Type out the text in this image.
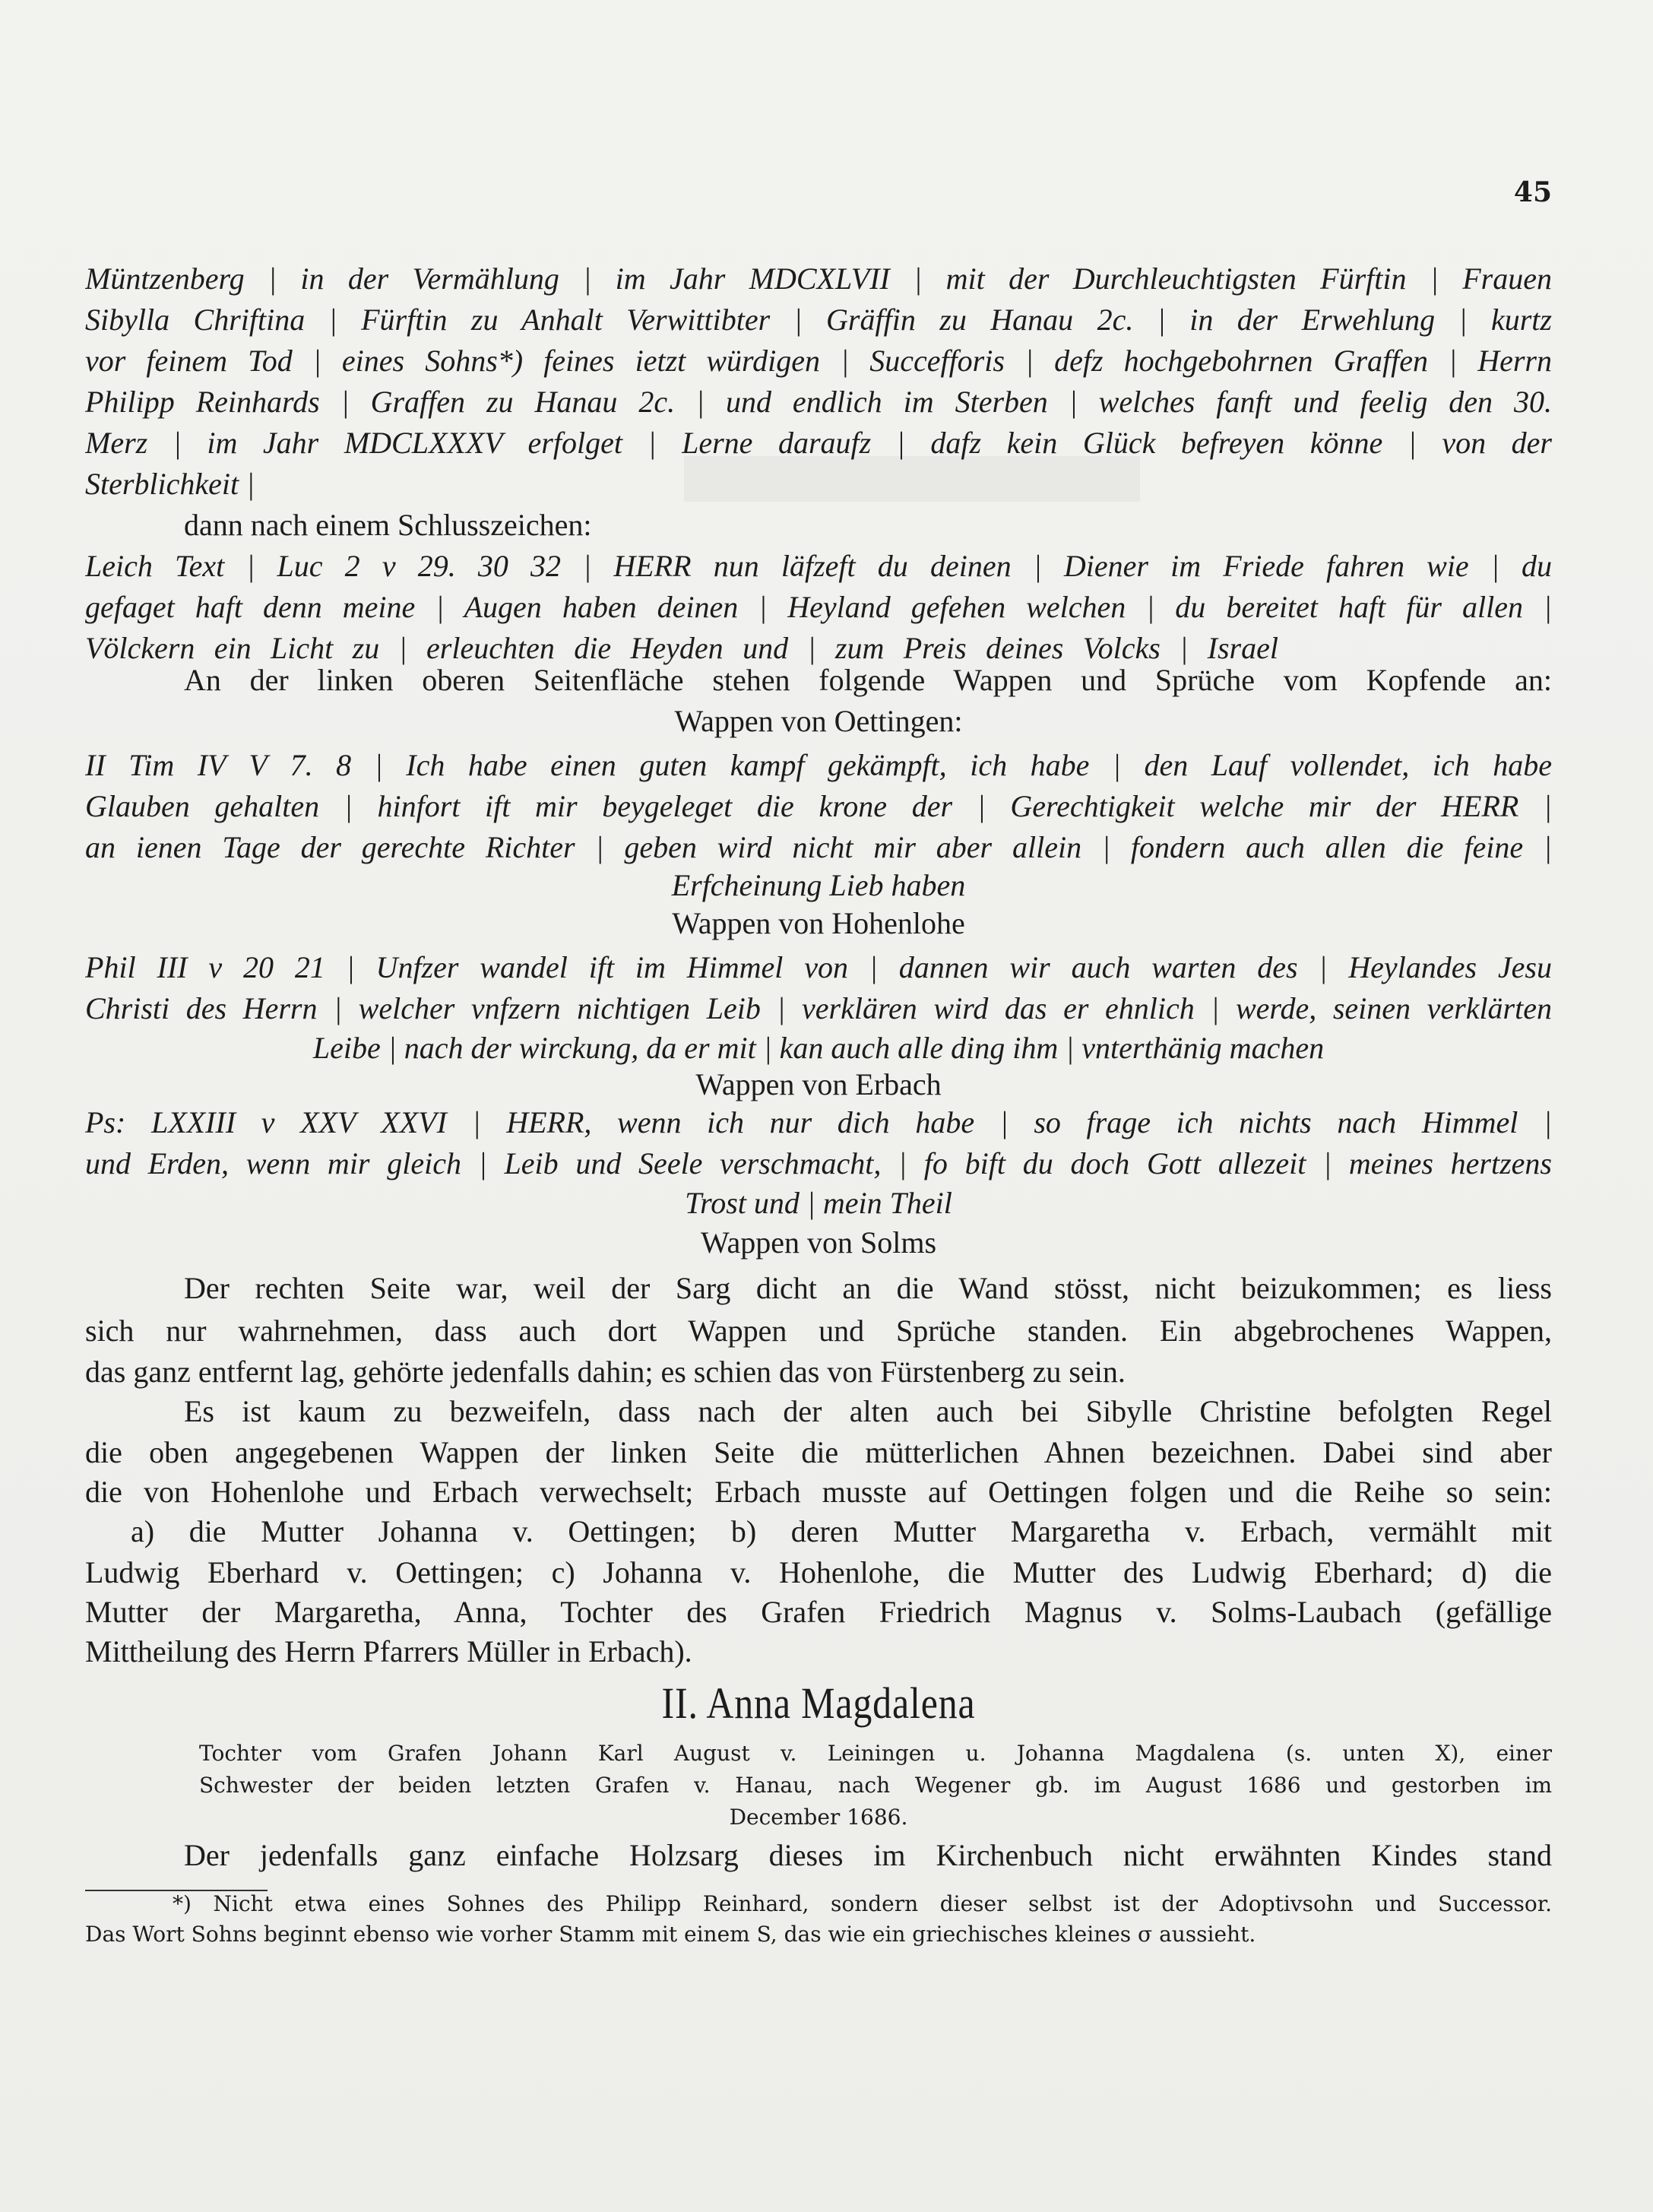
45
Müntzenberg | in der Vermählung | im Jahr MDCXLVII | mit der Durchleuchtigsten Fürftin | Frauen
Sibylla Chriftina | Fürftin zu Anhalt Verwittibter | Gräffin zu Hanau 2c. | in der Erwehlung | kurtz
vor feinem Tod | eines Sohns*) feines ietzt würdigen | Succefforis | defz hochgebohrnen Graffen | Herrn
Philipp Reinhards | Graffen zu Hanau 2c. | und endlich im Sterben | welches fanft und feelig den 30.
Merz | im Jahr MDCLXXXV erfolget | Lerne daraufz | dafz kein Glück befreyen könne | von der
Sterblichkeit |
dann nach einem Schlusszeichen:
Leich Text | Luc 2 v 29. 30 32 | HERR nun läfzeft du deinen | Diener im Friede fahren wie | du
gefaget haft denn meine | Augen haben deinen | Heyland gefehen welchen | du bereitet haft für allen |
Völckern ein Licht zu | erleuchten die Heyden und | zum Preis deines Volcks | Israel
An der linken oberen Seitenfläche stehen folgende Wappen und Sprüche vom Kopfende an:
Wappen von Oettingen:
II Tim IV V 7. 8 | Ich habe einen guten kampf gekämpft, ich habe | den Lauf vollendet, ich habe
Glauben gehalten | hinfort ift mir beygeleget die krone der | Gerechtigkeit welche mir der HERR |
an ienen Tage der gerechte Richter | geben wird nicht mir aber allein | fondern auch allen die feine |
Erfcheinung Lieb haben
Wappen von Hohenlohe
Phil III v 20 21 | Unfzer wandel ift im Himmel von | dannen wir auch warten des | Heylandes Jesu
Christi des Herrn | welcher vnfzern nichtigen Leib | verklären wird das er ehnlich | werde, seinen verklärten
Leibe | nach der wirckung, da er mit | kan auch alle ding ihm | vnterthänig machen
Wappen von Erbach
Ps: LXXIII v XXV XXVI | HERR, wenn ich nur dich habe | so frage ich nichts nach Himmel |
und Erden, wenn mir gleich | Leib und Seele verschmacht, | fo bift du doch Gott allezeit | meines hertzens
Trost und | mein Theil
Wappen von Solms
Der rechten Seite war, weil der Sarg dicht an die Wand stösst, nicht beizukommen; es liess
sich nur wahrnehmen, dass auch dort Wappen und Sprüche standen. Ein abgebrochenes Wappen,
das ganz entfernt lag, gehörte jedenfalls dahin; es schien das von Fürstenberg zu sein.
Es ist kaum zu bezweifeln, dass nach der alten auch bei Sibylle Christine befolgten Regel
die oben angegebenen Wappen der linken Seite die mütterlichen Ahnen bezeichnen. Dabei sind aber
die von Hohenlohe und Erbach verwechselt; Erbach musste auf Oettingen folgen und die Reihe so sein:
a) die Mutter Johanna v. Oettingen; b) deren Mutter Margaretha v. Erbach, vermählt mit
Ludwig Eberhard v. Oettingen; c) Johanna v. Hohenlohe, die Mutter des Ludwig Eberhard; d) die
Mutter der Margaretha, Anna, Tochter des Grafen Friedrich Magnus v. Solms-Laubach (gefällige
Mittheilung des Herrn Pfarrers Müller in Erbach).
II. Anna Magdalena
Tochter vom Grafen Johann Karl August v. Leiningen u. Johanna Magdalena (s. unten X), einer
Schwester der beiden letzten Grafen v. Hanau, nach Wegener gb. im August 1686 und gestorben im
December 1686.
Der jedenfalls ganz einfache Holzsarg dieses im Kirchenbuch nicht erwähnten Kindes stand
*) Nicht etwa eines Sohnes des Philipp Reinhard, sondern dieser selbst ist der Adoptivsohn und Successor.
Das Wort Sohns beginnt ebenso wie vorher Stamm mit einem S, das wie ein griechisches kleines σ aussieht.
